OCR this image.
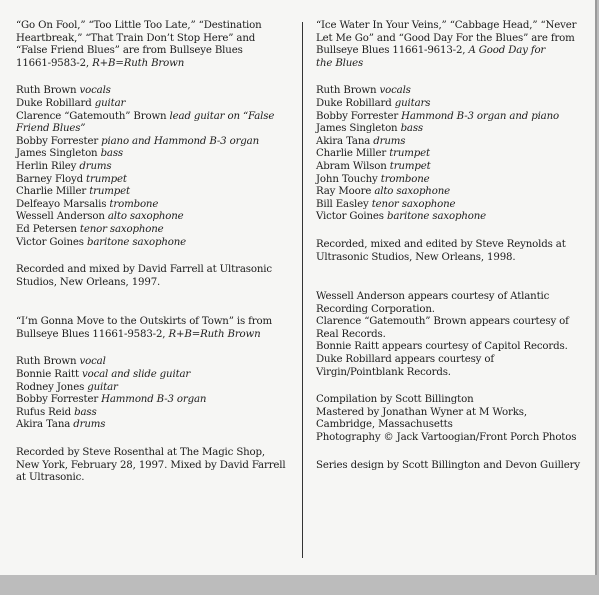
“Go On Fool,” “Too Little Too Late,” “Destination
Heartbreak,” “That Train Don’t Stop Here” and
“False Friend Blues” are from Bullseye Blues
11661-9583-2, R+B=Ruth Brown
Ruth Brown vocals
Duke Robillard guitar
Clarence “Gatemouth” Brown lead guitar on “False
Friend Blues”
Bobby Forrester piano and Hammond B-3 organ
James Singleton bass
Herlin Riley drums
Barney Floyd trumpet
Charlie Miller trumpet
Delfeayo Marsalis trombone
Wessell Anderson alto saxophone
Ed Petersen tenor saxophone
Victor Goines baritone saxophone
Recorded and mixed by David Farrell at Ultrasonic
Studios, New Orleans, 1997.
“I’m Gonna Move to the Outskirts of Town” is from
Bullseye Blues 11661-9583-2, R+B=Ruth Brown
Ruth Brown vocal
Bonnie Raitt vocal and slide guitar
Rodney Jones guitar
Bobby Forrester Hammond B-3 organ
Rufus Reid bass
Akira Tana drums
Recorded by Steve Rosenthal at The Magic Shop,
New York, February 28, 1997. Mixed by David Farrell
at Ultrasonic.
“Ice Water In Your Veins,” “Cabbage Head,” “Never
Let Me Go” and “Good Day For the Blues” are from
Bullseye Blues 11661-9613-2, A Good Day for
the Blues
Ruth Brown vocals
Duke Robillard guitars
Bobby Forrester Hammond B-3 organ and piano
James Singleton bass
Akira Tana drums
Charlie Miller trumpet
Abram Wilson trumpet
John Touchy trombone
Ray Moore alto saxophone
Bill Easley tenor saxophone
Victor Goines baritone saxophone
Recorded, mixed and edited by Steve Reynolds at
Ultrasonic Studios, New Orleans, 1998.
Wessell Anderson appears courtesy of Atlantic
Recording Corporation.
Clarence “Gatemouth” Brown appears courtesy of
Real Records.
Bonnie Raitt appears courtesy of Capitol Records.
Duke Robillard appears courtesy of
Virgin/Pointblank Records.
Compilation by Scott Billington
Mastered by Jonathan Wyner at M Works,
Cambridge, Massachusetts
Photography © Jack Vartoogian/Front Porch Photos
Series design by Scott Billington and Devon Guillery
